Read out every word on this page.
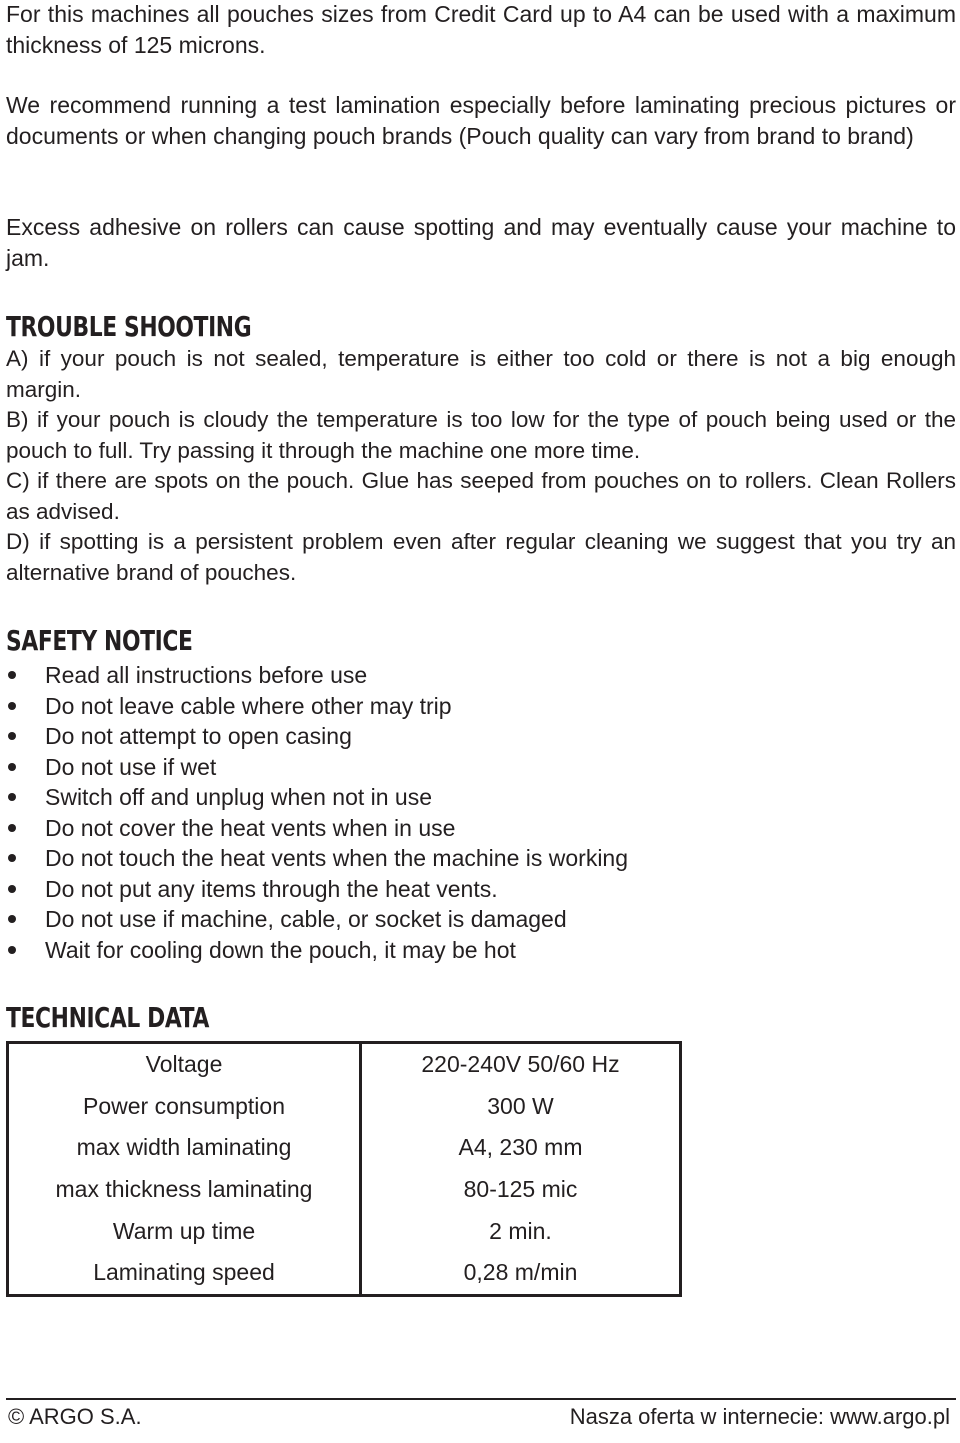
For this machines all pouches sizes from Credit Card up to A4 can be used with a maximum thickness of 125 microns.

We recommend running a test lamination especially before laminating precious pictures or documents or when changing pouch brands (Pouch quality can vary from brand to brand)

Excess adhesive on rollers can cause spotting and may eventually cause your machine to jam.

TROUBLE SHOOTING

A) if your pouch is not sealed, temperature is either too cold or there is not a big enough margin.

B) if your pouch is cloudy the temperature is too low for the type of pouch being used or the pouch to full. Try passing it through the machine one more time.

C) if there are spots on the pouch. Glue has seeped from pouches on to rollers. Clean Rollers as advised.

D) if spotting is a persistent problem even after regular cleaning we suggest that you try an alternative brand of pouches.

SAFETY NOTICE
Read all instructions before use
Do not leave cable where other may trip
Do not attempt to open casing
Do not use if wet
Switch off and unplug when not in use
Do not cover the heat vents when in use
Do not touch the heat vents when the machine is working
Do not put any items through the heat vents.
Do not use if machine, cable, or socket is damaged
Wait for cooling down the pouch, it may be hot
TECHNICAL DATA
Voltage	220-240V 50/60 Hz
Power consumption	300 W
max width laminating	A4, 230 mm
max thickness laminating	80-125 mic
Warm up time	2 min.
Laminating speed	0,28 m/min
© ARGO S.A.	Nasza oferta w internecie: www.argo.pl
